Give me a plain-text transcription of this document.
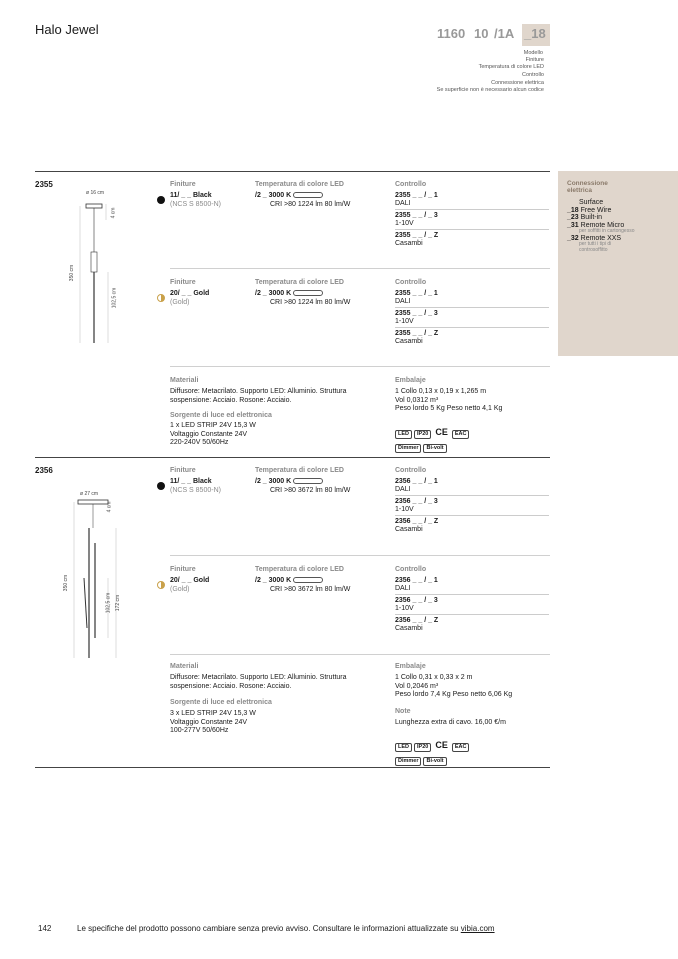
Halo Jewel	1160 10 /1A _18
Modello
Finiture
Temperatura di colore LED
Controllo
Connessione elettrica
Se superficie non è necessario alcun codice
Connessione elettrica
Surface
_18 Free Wire
_23 Built-in
_31 Remote Micro
per soffitti in cartongesso
_32 Remote XXS
per tutti i tipi di controsoffitto
2355
ø 16 cm
4 cm
350 cm
102,5 cm
Finiture
11/ _ _ Black
(NCS S 8500-N)
Temperatura di colore LED
/2 _ 3000 K
CRI >80 1224 lm 80 lm/W
Controllo
2355 _ _ / _ 1
DALI
2355 _ _ / _ 3
1-10V
2355 _ _ / _ Z
Casambi
Finiture
20/ _ _ Gold
(Gold)
Temperatura di colore LED
/2 _ 3000 K
CRI >80 1224 lm 80 lm/W
Controllo
2355 _ _ / _ 1
DALI
2355 _ _ / _ 3
1-10V
2355 _ _ / _ Z
Casambi
Materiali
Diffusore: Metacrilato. Supporto LED: Alluminio. Struttura sospensione: Acciaio. Rosone: Acciaio.
Sorgente di luce ed elettronica
1 x LED STRIP 24V 15,3 W
Voltaggio Constante 24V
220-240V 50/60Hz
Embalaje
1 Collo 0,13 x 0,19 x 1,265 m
Vol 0,0312 m³
Peso lordo 5 Kg Peso netto 4,1 Kg
LED IP20 CE EAC
Dimmer Bi-volt
2356
ø 27 cm
4 cm
350 cm
102,5 cm 172 cm
Finiture
11/ _ _ Black
(NCS S 8500-N)
Temperatura di colore LED
/2 _ 3000 K
CRI >80 3672 lm 80 lm/W
Controllo
2356 _ _ / _ 1
DALI
2356 _ _ / _ 3
1-10V
2356 _ _ / _ Z
Casambi
Finiture
20/ _ _ Gold
(Gold)
Temperatura di colore LED
/2 _ 3000 K
CRI >80 3672 lm 80 lm/W
Controllo
2356 _ _ / _ 1
DALI
2356 _ _ / _ 3
1-10V
2356 _ _ / _ Z
Casambi
Materiali
Diffusore: Metacrilato. Supporto LED: Alluminio. Struttura sospensione: Acciaio. Rosone: Acciaio.
Sorgente di luce ed elettronica
3 x LED STRIP 24V 15,3 W
Voltaggio Constante 24V
100-277V 50/60Hz
Embalaje
1 Collo 0,31 x 0,33 x 2 m
Vol 0,2046 m³
Peso lordo 7,4 Kg Peso netto 6,06 Kg
Note
Lunghezza extra di cavo. 16,00 €/m
LED IP20 CE EAC
Dimmer Bi-volt
142	Le specifiche del prodotto possono cambiare senza previo avviso. Consultare le informazioni attualizzate su vibia.com
